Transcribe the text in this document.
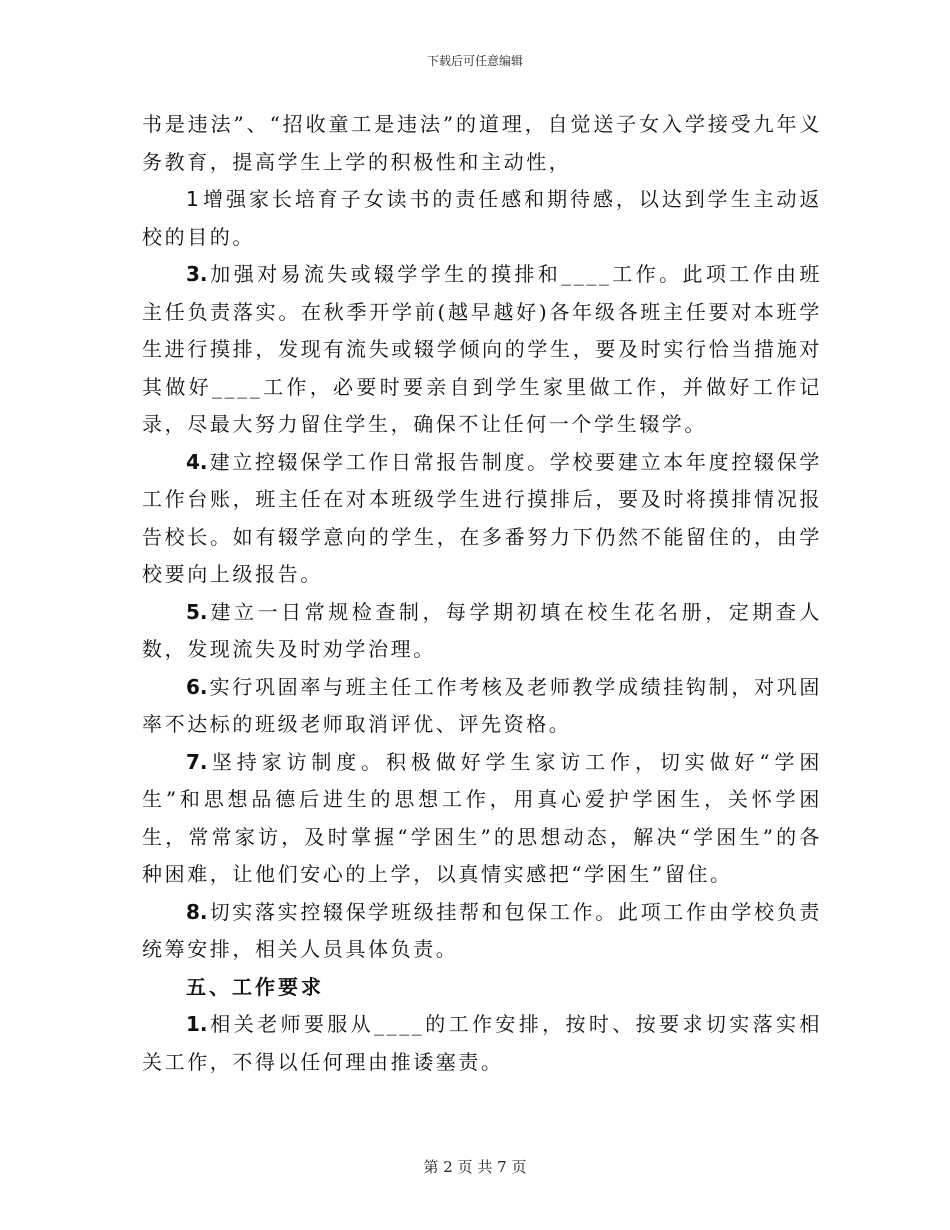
下载后可任意编辑

书是违法”、“招收童工是违法”的道理，自觉送子女入学接受九年义务教育，提高学生上学的积极性和主动性，

1 增强家长培育子女读书的责任感和期待感，以达到学生主动返校的目的。

3. 加强对易流失或辍学学生的摸排和____工作。此项工作由班主任负责落实。在秋季开学前(越早越好)各年级各班主任要对本班学生进行摸排，发现有流失或辍学倾向的学生，要及时实行恰当措施对其做好____工作，必要时要亲自到学生家里做工作，并做好工作记录，尽最大努力留住学生，确保不让任何一个学生辍学。

4. 建立控辍保学工作日常报告制度。学校要建立本年度控辍保学工作台账，班主任在对本班级学生进行摸排后，要及时将摸排情况报告校长。如有辍学意向的学生，在多番努力下仍然不能留住的，由学校要向上级报告。

5. 建立一日常规检查制，每学期初填在校生花名册，定期查人数，发现流失及时劝学治理。

6. 实行巩固率与班主任工作考核及老师教学成绩挂钩制，对巩固率不达标的班级老师取消评优、评先资格。

7. 坚持家访制度。积极做好学生家访工作，切实做好“学困生”和思想品德后进生的思想工作，用真心爱护学困生，关怀学困生，常常家访，及时掌握“学困生”的思想动态，解决“学困生”的各种困难，让他们安心的上学，以真情实感把“学困生”留住。

8. 切实落实控辍保学班级挂帮和包保工作。此项工作由学校负责统筹安排，相关人员具体负责。

五、工作要求

1. 相关老师要服从____的工作安排，按时、按要求切实落实相关工作，不得以任何理由推诿塞责。

第 2 页 共 7 页
